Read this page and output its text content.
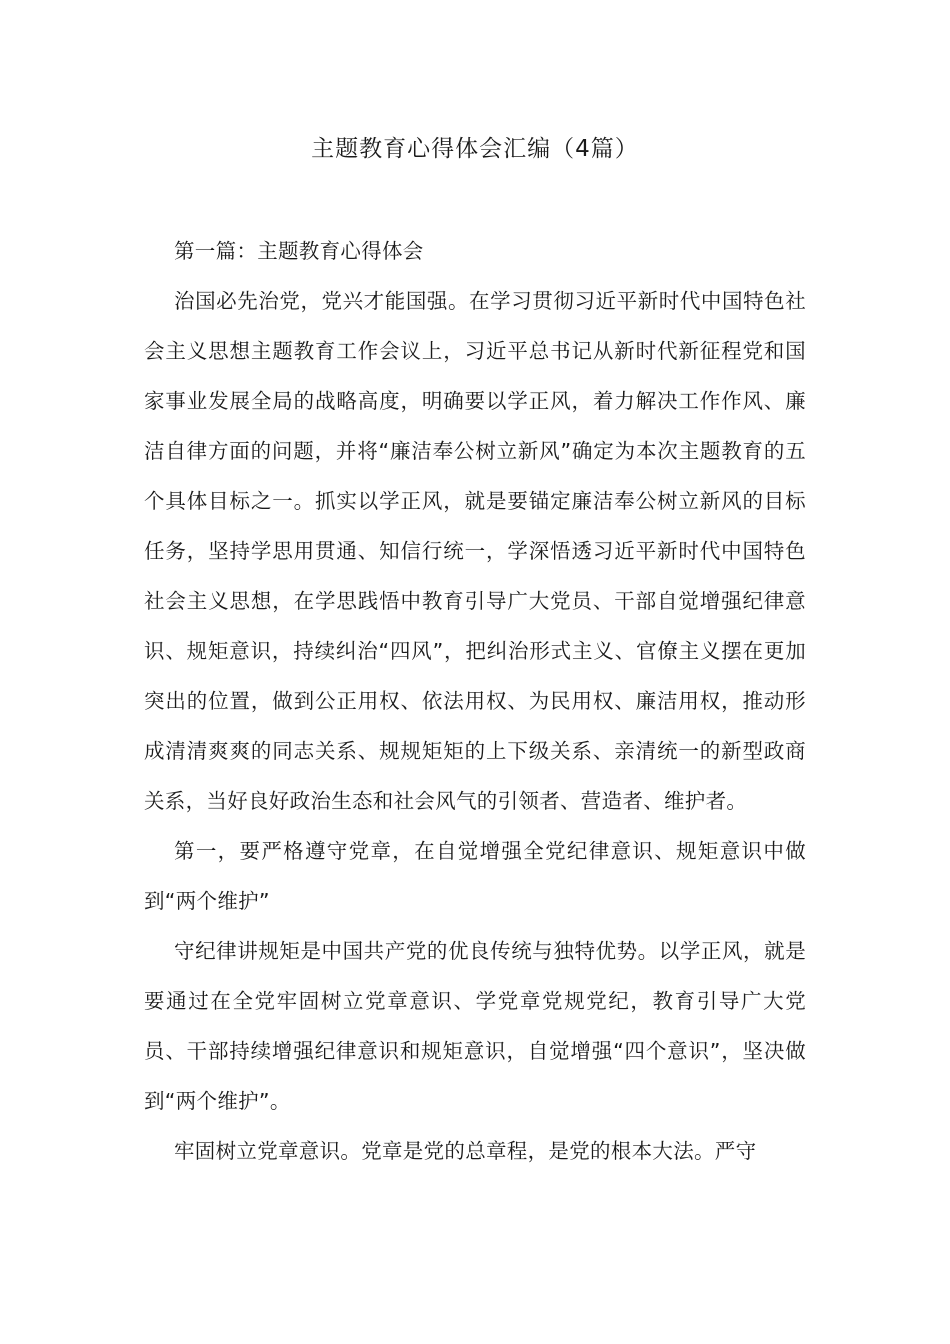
主题教育心得体会汇编（4篇）

第一篇：主题教育心得体会

治国必先治党，党兴才能国强。在学习贯彻习近平新时代中国特色社会主义思想主题教育工作会议上，习近平总书记从新时代新征程党和国家事业发展全局的战略高度，明确要以学正风，着力解决工作作风、廉洁自律方面的问题，并将“廉洁奉公树立新风”确定为本次主题教育的五个具体目标之一。抓实以学正风，就是要锚定廉洁奉公树立新风的目标任务，坚持学思用贯通、知信行统一，学深悟透习近平新时代中国特色社会主义思想，在学思践悟中教育引导广大党员、干部自觉增强纪律意识、规矩意识，持续纠治“四风”，把纠治形式主义、官僚主义摆在更加突出的位置，做到公正用权、依法用权、为民用权、廉洁用权，推动形成清清爽爽的同志关系、规规矩矩的上下级关系、亲清统一的新型政商关系，当好良好政治生态和社会风气的引领者、营造者、维护者。

第一，要严格遵守党章，在自觉增强全党纪律意识、规矩意识中做到“两个维护”

守纪律讲规矩是中国共产党的优良传统与独特优势。以学正风，就是要通过在全党牢固树立党章意识、学党章党规党纪，教育引导广大党员、干部持续增强纪律意识和规矩意识，自觉增强“四个意识”，坚决做到“两个维护”。

牢固树立党章意识。党章是党的总章程，是党的根本大法。严守
